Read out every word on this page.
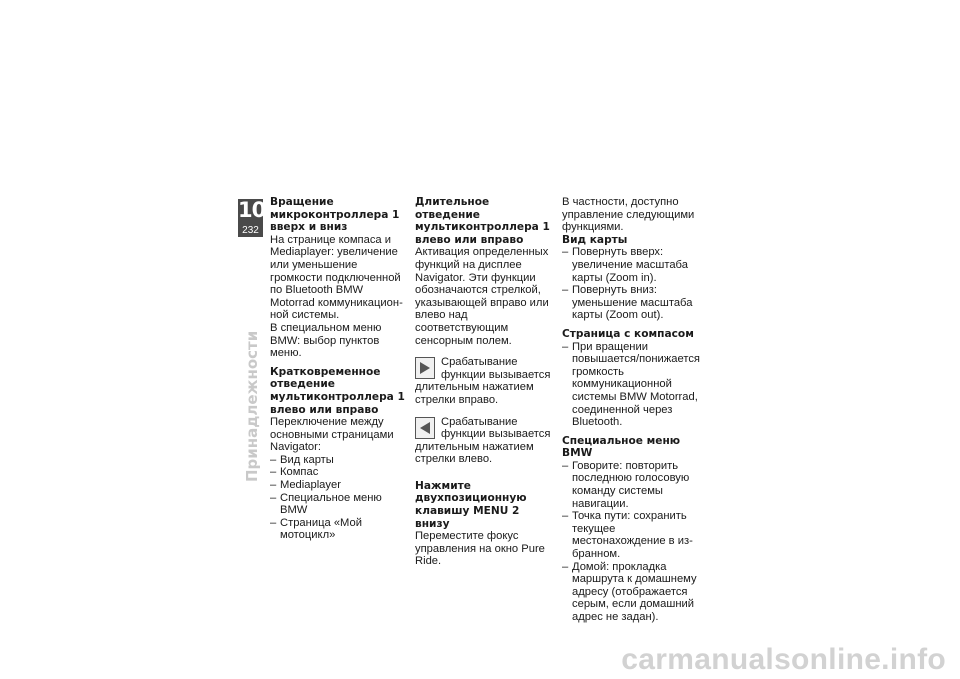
10
232
Принадлежности
Вращение микроконтроллера 1 вверх и вниз

На странице компаса и Mediaplayer: увеличение или уменьшение громкости подключенной по Bluetooth BMW Motorrad коммуникационной системы.

В специальном меню BMW: выбор пунктов меню.

Кратковременное отведение мультиконтроллера 1 влево или вправо

Переключение между основными страницами Navigator:

– Вид карты
– Компас
– Mediaplayer
– Специальное меню BMW
– Страница «Мой мотоцикл»
Длительное отведение мультиконтроллера 1 влево или вправо

Активация определенных функций на дисплее Navigator. Эти функции обозначаются стрелкой, указывающей вправо или влево над соответствующим сенсорным полем.

Срабатывание функции вызывается длительным нажатием стрелки вправо.
Срабатывание функции вызывается длительным нажатием стрелки влево.
Нажмите двухпозиционную клавишу MENU 2 внизу

Переместите фокус управления на окно Pure Ride.

В частности, доступно управление следующими функциями.

Вид карты
– Повернуть вверх: увеличение масштаба карты (Zoom in).
– Повернуть вниз: уменьшение масштаба карты (Zoom out).
Страница с компасом
– При вращении повышается/понижается громкость коммуникационной системы BMW Motorrad, соединенной через Bluetooth.
Специальное меню BMW
– Говорите: повторить последнюю голосовую команду системы навигации.
– Точка пути: сохранить текущее местонахождение в избранном.
– Домой: прокладка маршрута к домашнему адресу (отображается серым, если домашний адрес не задан).
carmanualsonline.info
